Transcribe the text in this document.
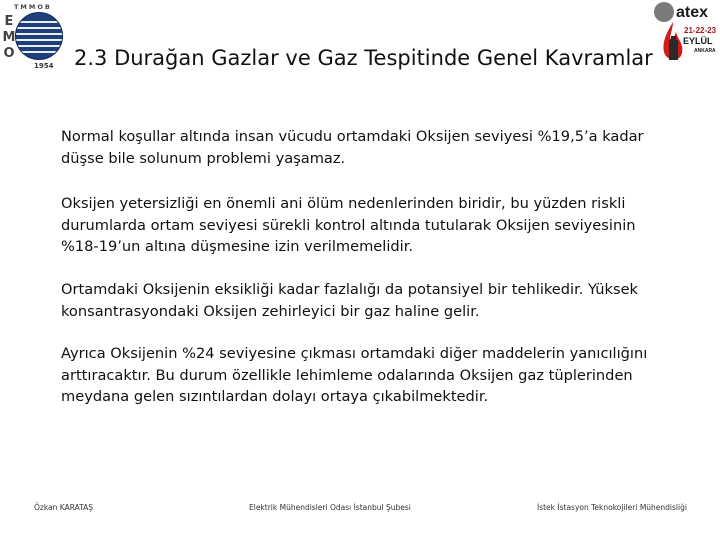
TMMOB
E
M
O
1954 2.3 Durağan Gazlar ve Gaz Tespitinde Genel Kavramlar
atex
21-22-23
EYLÜL
ANKARA
Normal koşullar altında insan vücudu ortamdaki Oksijen seviyesi %19,5’a kadar düşse bile solunum problemi yaşamaz.
Oksijen yetersizliği en önemli ani ölüm nedenlerinden biridir, bu yüzden riskli durumlarda ortam seviyesi sürekli kontrol altında tutularak Oksijen seviyesinin %18-19’un altına düşmesine izin verilmemelidir.
Ortamdaki Oksijenin eksikliği kadar fazlalığı da potansiyel bir tehlikedir. Yüksek konsantrasyondaki Oksijen zehirleyici bir gaz haline gelir.
Ayrıca Oksijenin %24 seviyesine çıkması ortamdaki diğer maddelerin yanıcılığını arttıracaktır. Bu durum özellikle lehimleme odalarında Oksijen gaz tüplerinden meydana gelen sızıntılardan dolayı ortaya çıkabilmektedir.
Özkan KARATAŞ	Elektrik Mühendisleri Odası İstanbul Şubesi	İstek İstasyon Teknokojileri Mühendisliği
